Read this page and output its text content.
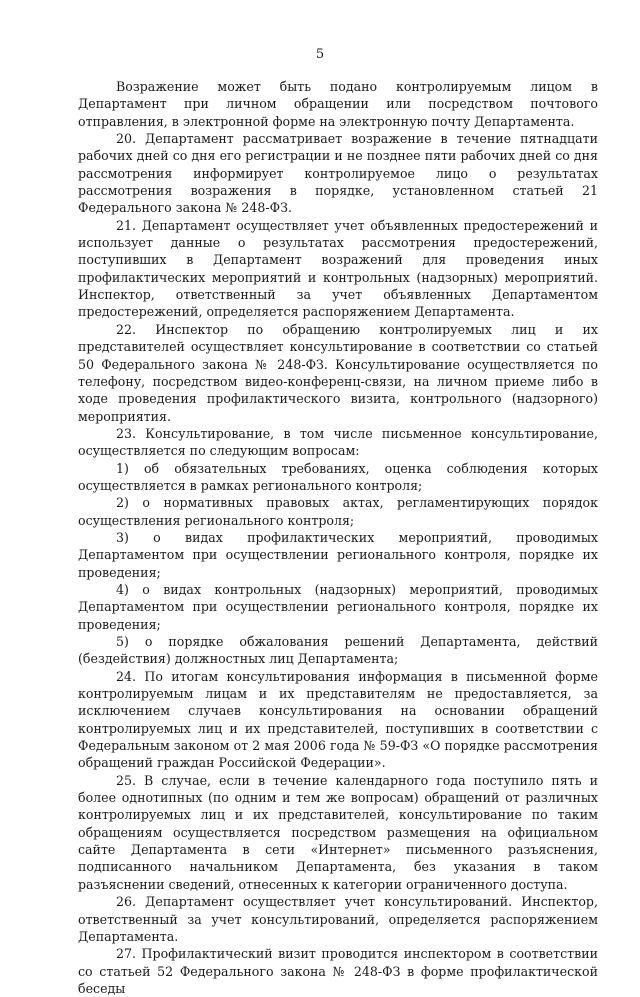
5

Возражение может быть подано контролируемым лицом в Департамент при личном обращении или посредством почтового отправления, в электронной форме на электронную почту Департамента.

20. Департамент рассматривает возражение в течение пятнадцати рабочих дней со дня его регистрации и не позднее пяти рабочих дней со дня рассмотрения информирует контролируемое лицо о результатах рассмотрения возражения в порядке, установленном статьей 21 Федерального закона № 248-ФЗ.

21. Департамент осуществляет учет объявленных предостережений и использует данные о результатах рассмотрения предостережений, поступивших в Департамент возражений для проведения иных профилактических мероприятий и контрольных (надзорных) мероприятий. Инспектор, ответственный за учет объявленных Департаментом предостережений, определяется распоряжением Департамента.

22. Инспектор по обращению контролируемых лиц и их представителей осуществляет консультирование в соответствии со статьей 50 Федерального закона № 248-ФЗ. Консультирование осуществляется по телефону, посредством видео-конференц-связи, на личном приеме либо в ходе проведения профилактического визита, контрольного (надзорного) мероприятия.

23. Консультирование, в том числе письменное консультирование, осуществляется по следующим вопросам:

1) об обязательных требованиях, оценка соблюдения которых осуществляется в рамках регионального контроля;

2) о нормативных правовых актах, регламентирующих порядок осуществления регионального контроля;

3) о видах профилактических мероприятий, проводимых Департаментом при осуществлении регионального контроля, порядке их проведения;

4) о видах контрольных (надзорных) мероприятий, проводимых Департаментом при осуществлении регионального контроля, порядке их проведения;

5) о порядке обжалования решений Департамента, действий (бездействия) должностных лиц Департамента;

24. По итогам консультирования информация в письменной форме контролируемым лицам и их представителям не предоставляется, за исключением случаев консультирования на основании обращений контролируемых лиц и их представителей, поступивших в соответствии с Федеральным законом от 2 мая 2006 года № 59-ФЗ «О порядке рассмотрения обращений граждан Российской Федерации».

25. В случае, если в течение календарного года поступило пять и более однотипных (по одним и тем же вопросам) обращений от различных контролируемых лиц и их представителей, консультирование по таким обращениям осуществляется посредством размещения на официальном сайте Департамента в сети «Интернет» письменного разъяснения, подписанного начальником Департамента, без указания в таком разъяснении сведений, отнесенных к категории ограниченного доступа.

26. Департамент осуществляет учет консультирований. Инспектор, ответственный за учет консультирований, определяется распоряжением Департамента.

27. Профилактический визит проводится инспектором в соответствии со статьей 52 Федерального закона № 248-ФЗ в форме профилактической беседы
